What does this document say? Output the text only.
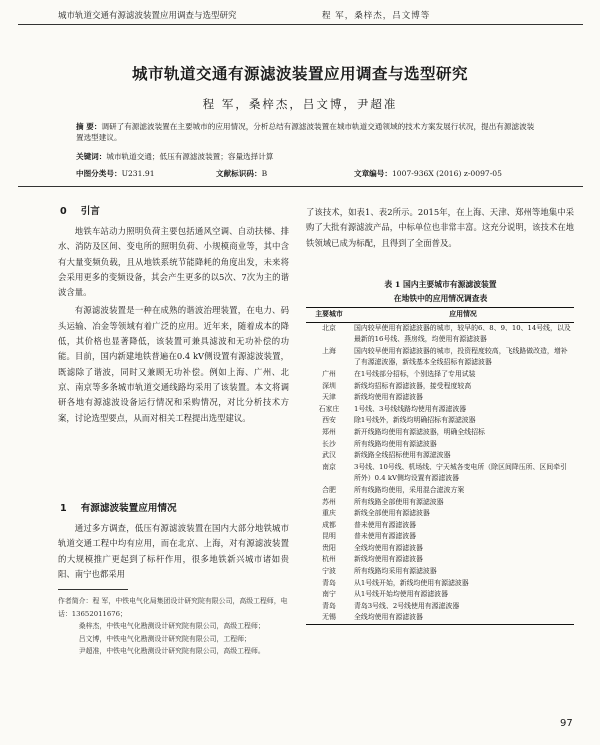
城市轨道交通有源滤波装置应用调查与选型研究	程 军，桑梓杰，吕文博等
城市轨道交通有源滤波装置应用调查与选型研究
程 军，桑梓杰，吕文博，尹超准
摘 要：调研了有源滤波装置在主要城市的应用情况，分析总结有源滤波装置在城市轨道交通领域的技术方案发展行状况，提出有源滤波装置选型建议。
关键词：城市轨道交通；低压有源滤波装置；容量选择计算
中图分类号：U231.91	文献标识码：B	文章编号：1007-936X (2016) z-0097-05
0 引言

地铁车站动力照明负荷主要包括通风空调、自动扶梯、排水、消防及区间、变电所的照明负荷、小规模商业等，其中含有大量变频负载，且从地铁系统节能降耗的角度出发，未来将会采用更多的变频设备，其会产生更多的以5次、7次为主的谐波含量。

有源滤波装置是一种在成熟的谐波治理装置，在电力、码头运输、冶金等领域有着广泛的应用。近年来，随着成本的降低，其价格也显著降低，该装置可兼具滤波和无功补偿的功能。目前，国内新建地铁普遍在0.4 kV侧设置有源滤波装置，既滤除了谐波，同时又兼顾无功补偿。例如上海、广州、北京、南京等多条城市轨道交通线路均采用了该装置。本文将调研各地有源滤波设备运行情况和采购情况，对比分析技术方案，讨论选型要点，从而对相关工程提出选型建议。

1 有源滤波装置应用情况

通过多方调查，低压有源滤波装置在国内大部分地铁城市轨道交通工程中均有应用，而在北京、上海，对有源滤波装置的大规模推广更起到了标杆作用，很多地铁新兴城市诸如贵阳、南宁也都采用

作者简介：程 军，中铁电气化局集团设计研究院有限公司，高级工程师，电话：13652011676；
桑梓杰，中铁电气化勘测设计研究院有限公司，高级工程师；
吕文博，中铁电气化勘测设计研究院有限公司，工程师；
尹超准，中铁电气化勘测设计研究院有限公司，高级工程师。

了该技术，如表1、表2所示。2015年，在上海、天津、郑州等地集中采购了大批有源滤波产品，中标单位也非常丰富。这充分说明，该技术在地铁领域已成为标配，且得到了全面普及。

表 1 国内主要城市有源滤波装置
在地铁中的应用情况调查表
主要城市	应用情况
北京	国内较早使用有源滤波器的城市，较早的6、8、9、10、14号线，以及最新的16号线、燕房线，均使用有源滤波器
上海	国内较早使用有源滤波器的城市，投资程度较高，飞线路做改造，增补了有源滤波器，新线基本全线招标有源滤波器
广州	在1号线部分招标，个别选择了专用试装
深圳	新线均招标有源滤波器，接受程度较高
天津	新线均使用有源滤波器
石家庄	1号线、3号线线路均使用有源滤波器
西安	除1号线外，新线均明确招标有源滤波器
郑州	新开线路均使用有源滤波器，明确全线招标
长沙	所有线路均使用有源滤波器
武汉	新线路全线招标使用有源滤波器
南京	3号线、10号线、机场线、宁天城各变电所（除区间降压所、区间牵引所外）0.4 kV侧均设置有源滤波器
合肥	所有线路均使用，采用混合滤波方案
苏州	所有线路全部使用有源滤波器
重庆	新线全部使用有源滤波器
成都	普未使用有源滤波器
昆明	普未使用有源滤波器
贵阳	全线均使用有源滤波器
杭州	新线均使用有源滤波器
宁波	所有线路均采用有源滤波器
青岛	从1号线开始，新线均使用有源滤波器
南宁	从1号线开始均使用有源滤波器
青岛	青岛3号线、2号线使用有源滤波器
无锡	全线均使用有源滤波器
97
